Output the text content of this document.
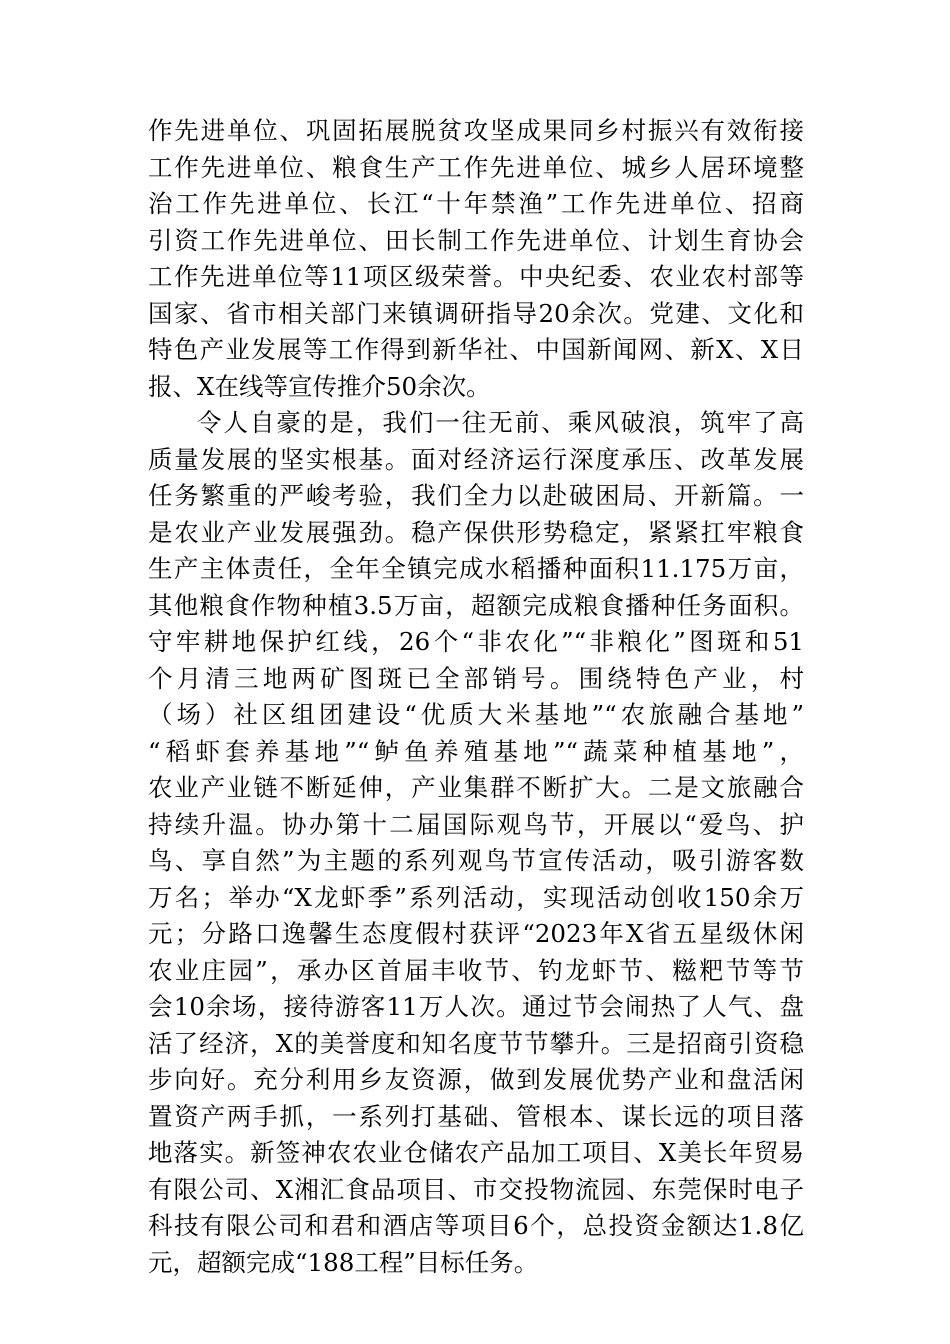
作先进单位、巩固拓展脱贫攻坚成果同乡村振兴有效衔接
工作先进单位、粮食生产工作先进单位、城乡人居环境整
治工作先进单位、长江“十年禁渔”工作先进单位、招商
引资工作先进单位、田长制工作先进单位、计划生育协会
工作先进单位等11项区级荣誉。中央纪委、农业农村部等
国家、省市相关部门来镇调研指导20余次。党建、文化和
特色产业发展等工作得到新华社、中国新闻网、新X、X日
报、X在线等宣传推介50余次。
令人自豪的是，我们一往无前、乘风破浪，筑牢了高
质量发展的坚实根基。面对经济运行深度承压、改革发展
任务繁重的严峻考验，我们全力以赴破困局、开新篇。一
是农业产业发展强劲。稳产保供形势稳定，紧紧扛牢粮食
生产主体责任，全年全镇完成水稻播种面积11.175万亩，
其他粮食作物种植3.5万亩，超额完成粮食播种任务面积。
守牢耕地保护红线，26个“非农化”“非粮化”图斑和51
个月清三地两矿图斑已全部销号。围绕特色产业，村
（场）社区组团建设“优质大米基地”“农旅融合基地”
“稻虾套养基地”“鲈鱼养殖基地”“蔬菜种植基地”，
农业产业链不断延伸，产业集群不断扩大。二是文旅融合
持续升温。协办第十二届国际观鸟节，开展以“爱鸟、护
鸟、享自然”为主题的系列观鸟节宣传活动，吸引游客数
万名；举办“X龙虾季”系列活动，实现活动创收150余万
元；分路口逸馨生态度假村获评“2023年X省五星级休闲
农业庄园”，承办区首届丰收节、钓龙虾节、糍粑节等节
会10余场，接待游客11万人次。通过节会闹热了人气、盘
活了经济，X的美誉度和知名度节节攀升。三是招商引资稳
步向好。充分利用乡友资源，做到发展优势产业和盘活闲
置资产两手抓，一系列打基础、管根本、谋长远的项目落
地落实。新签神农农业仓储农产品加工项目、X美长年贸易
有限公司、X湘汇食品项目、市交投物流园、东莞保时电子
科技有限公司和君和酒店等项目6个，总投资金额达1.8亿
元，超额完成“188工程”目标任务。
